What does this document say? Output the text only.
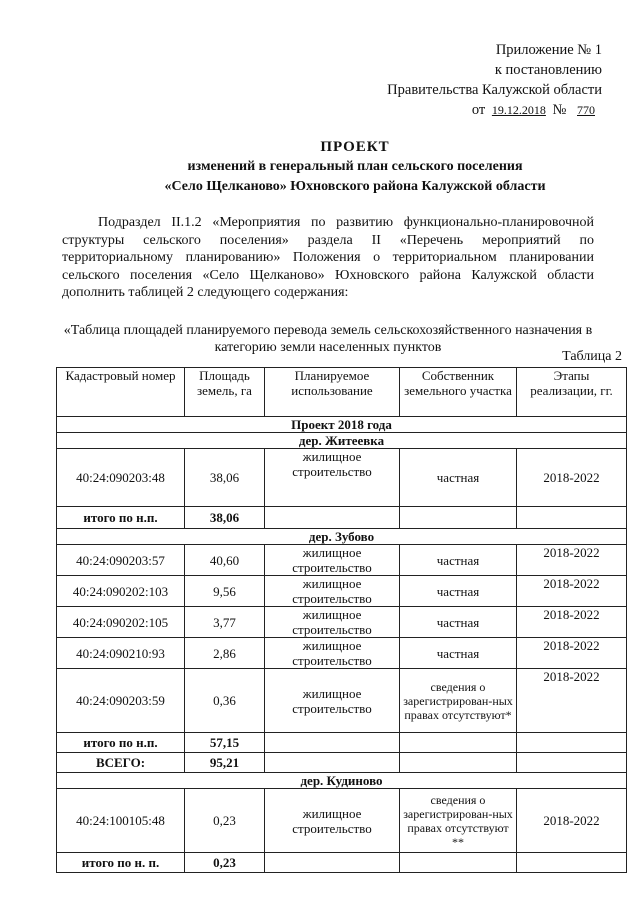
Приложение № 1
к постановлению
Правительства Калужской области
от 19.12.2018 № 770
ПРОЕКТ
изменений в генеральный план сельского поселения
«Село Щелканово» Юхновского района Калужской области
Подраздел II.1.2 «Мероприятия по развитию функционально-планировочной структуры сельского поселения» раздела II «Перечень мероприятий по территориальному планированию» Положения о территориальном планировании сельского поселения «Село Щелканово» Юхновского района Калужской области дополнить таблицей 2 следующего содержания:
«Таблица площадей планируемого перевода земель сельскохозяйственного назначения в категорию земли населенных пунктов
Таблица 2
Кадастровый номер	Площадь земель, га	Планируемое использование	Собственник земельного участка	Этапы реализации, гг.
Проект 2018 года				
дер. Житеевка				
40:24:090203:48	38,06	жилищное строительство	частная	2018-2022
итого по н.п.	38,06			
дер. Зубово				
40:24:090203:57	40,60	жилищное строительство	частная	2018-2022
40:24:090202:103	9,56	жилищное строительство	частная	2018-2022
40:24:090202:105	3,77	жилищное строительство	частная	2018-2022
40:24:090210:93	2,86	жилищное строительство	частная	2018-2022
40:24:090203:59	0,36	жилищное строительство	сведения о зарегистрирован-ных правах отсутствуют*	2018-2022
итого по н.п.	57,15			
ВСЕГО:	95,21			
дер. Кудиново				
40:24:100105:48	0,23	жилищное строительство	сведения о зарегистрирован-ных правах отсутствуют **	2018-2022
итого по н. п.	0,23			
